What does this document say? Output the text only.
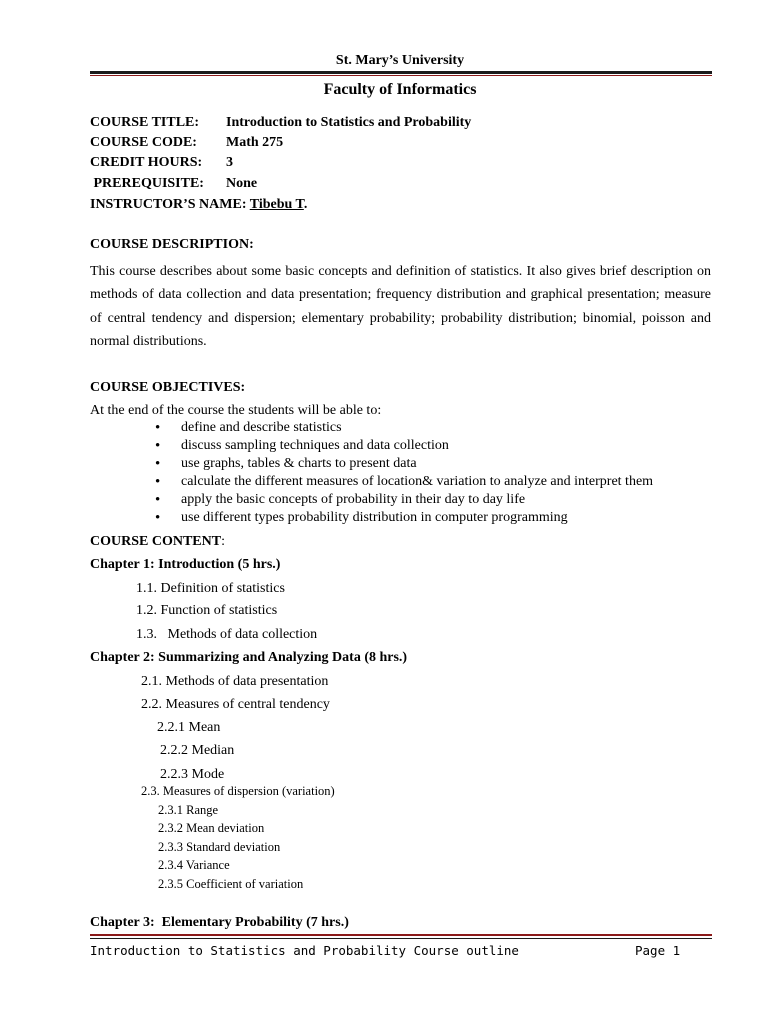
St. Mary’s University
Faculty of Informatics
COURSE TITLE: Introduction to Statistics and Probability
COURSE CODE: Math 275
CREDIT HOURS: 3
PREREQUISITE: None
INSTRUCTOR’S NAME: Tibebu T.
COURSE DESCRIPTION:

This course describes about some basic concepts and definition of statistics. It also gives brief description on methods of data collection and data presentation; frequency distribution and graphical presentation; measure of central tendency and dispersion; elementary probability; probability distribution; binomial, poisson and normal distributions.

COURSE OBJECTIVES:
At the end of the course the students will be able to:
• define and describe statistics
• discuss sampling techniques and data collection
• use graphs, tables & charts to present data
• calculate the different measures of location& variation to analyze and interpret them
• apply the basic concepts of probability in their day to day life
• use different types probability distribution in computer programming
COURSE CONTENT:
Chapter 1: Introduction (5 hrs.)
1.1. Definition of statistics
1.2. Function of statistics
1.3.   Methods of data collection
Chapter 2: Summarizing and Analyzing Data (8 hrs.)
2.1. Methods of data presentation
2.2. Measures of central tendency
2.2.1 Mean
2.2.2 Median
2.2.3 Mode
2.3. Measures of dispersion (variation)
2.3.1 Range
2.3.2 Mean deviation
2.3.3 Standard deviation
2.3.4 Variance
2.3.5 Coefficient of variation
Chapter 3:  Elementary Probability (7 hrs.)
Introduction to Statistics and Probability Course outline	Page 1
